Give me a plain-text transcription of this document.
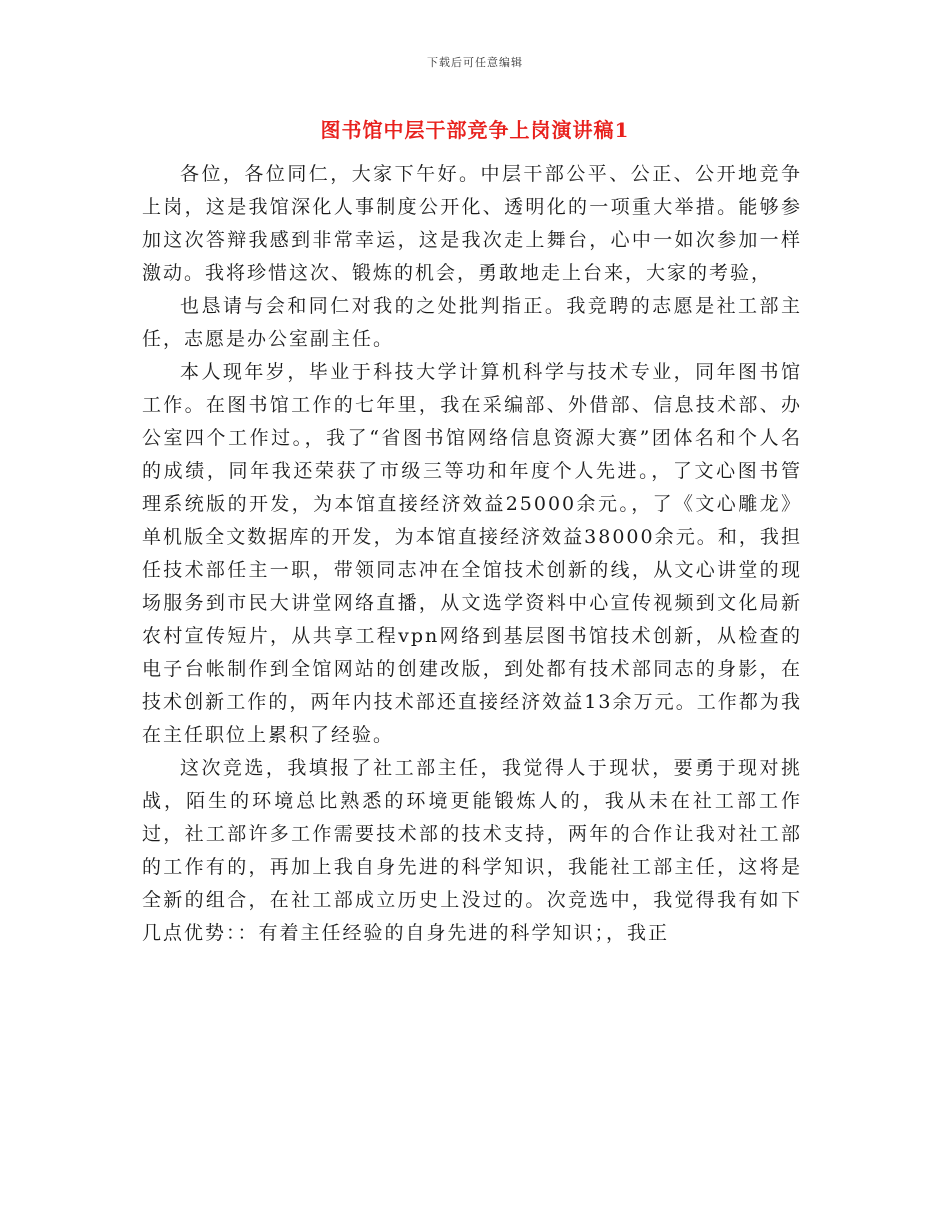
下载后可任意编辑
图书馆中层干部竞争上岗演讲稿1

各位，各位同仁，大家下午好。中层干部公平、公正、公开地竞争上岗，这是我馆深化人事制度公开化、透明化的一项重大举措。能够参加这次答辩我感到非常幸运，这是我次走上舞台，心中一如次参加一样激动。我将珍惜这次、锻炼的机会，勇敢地走上台来，大家的考验，

也恳请与会和同仁对我的之处批判指正。我竞聘的志愿是社工部主任，志愿是办公室副主任。

本人现年岁，毕业于科技大学计算机科学与技术专业，同年图书馆工作。在图书馆工作的七年里，我在采编部、外借部、信息技术部、办公室四个工作过。，我了“省图书馆网络信息资源大赛”团体名和个人名的成绩，同年我还荣获了市级三等功和年度个人先进。，了文心图书管理系统版的开发，为本馆直接经济效益25000余元。，了《文心雕龙》单机版全文数据库的开发，为本馆直接经济效益38000余元。和，我担任技术部任主一职，带领同志冲在全馆技术创新的线，从文心讲堂的现场服务到市民大讲堂网络直播，从文选学资料中心宣传视频到文化局新农村宣传短片，从共享工程vpn网络到基层图书馆技术创新，从检查的电子台帐制作到全馆网站的创建改版，到处都有技术部同志的身影，在技术创新工作的，两年内技术部还直接经济效益13余万元。工作都为我在主任职位上累积了经验。

这次竞选，我填报了社工部主任，我觉得人于现状，要勇于现对挑战，陌生的环境总比熟悉的环境更能锻炼人的，我从未在社工部工作过，社工部许多工作需要技术部的技术支持，两年的合作让我对社工部的工作有的，再加上我自身先进的科学知识，我能社工部主任，这将是全新的组合，在社工部成立历史上没过的。次竞选中，我觉得我有如下几点优势：：有着主任经验的自身先进的科学知识；，我正
